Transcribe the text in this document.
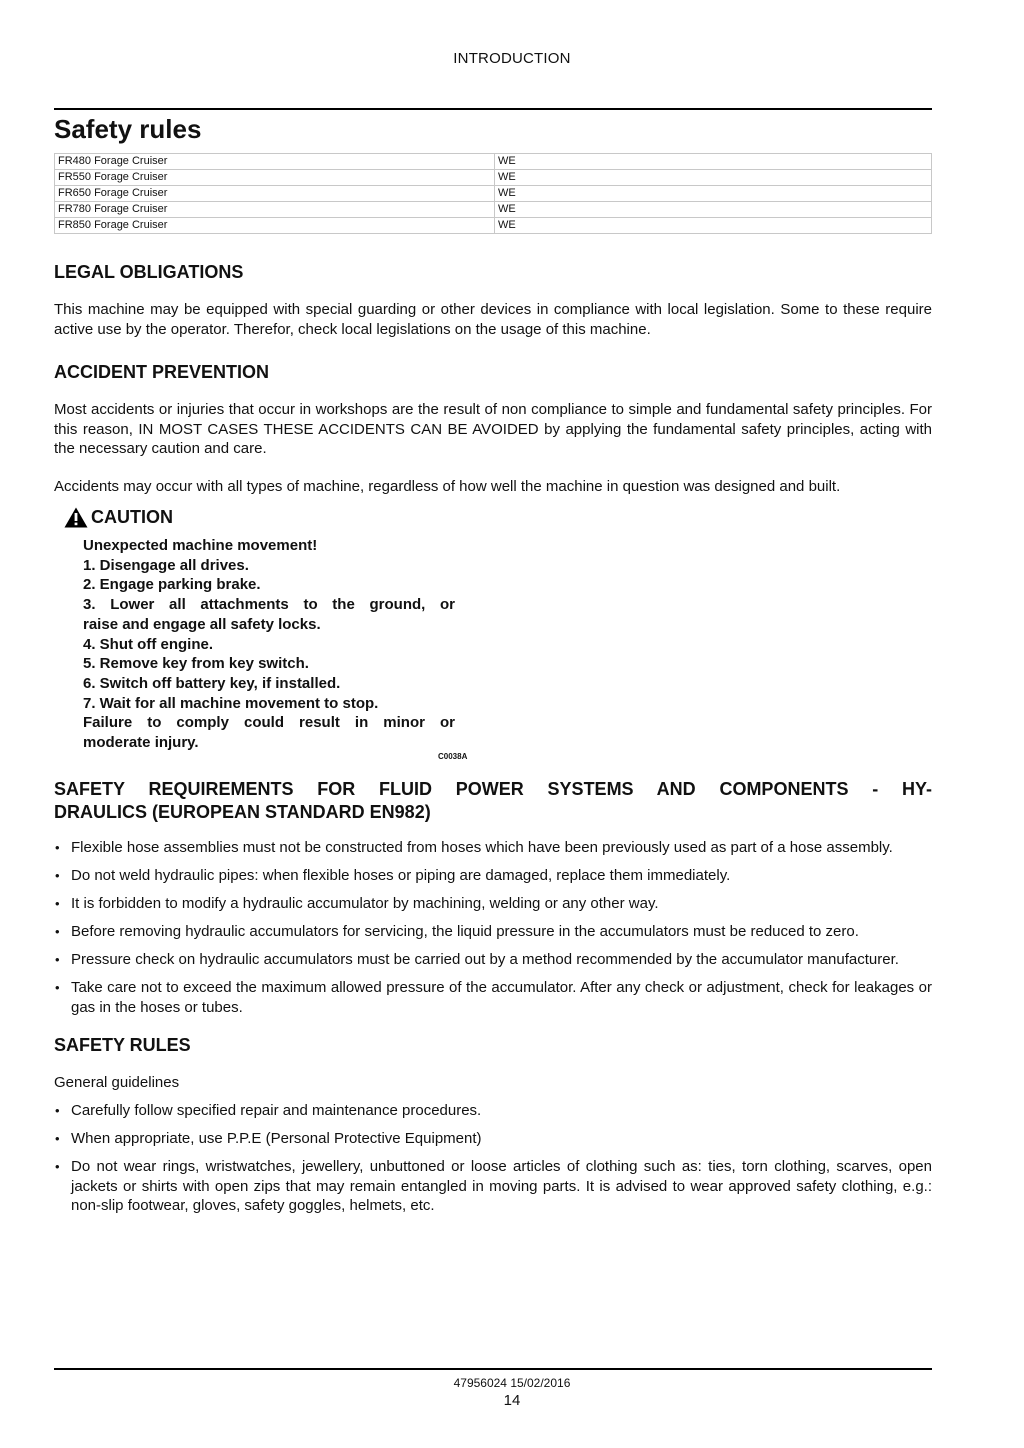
INTRODUCTION
Safety rules
FR480 Forage Cruiser	WE
FR550 Forage Cruiser	WE
FR650 Forage Cruiser	WE
FR780 Forage Cruiser	WE
FR850 Forage Cruiser	WE
LEGAL OBLIGATIONS

This machine may be equipped with special guarding or other devices in compliance with local legislation. Some to these require active use by the operator. Therefor, check local legislations on the usage of this machine.

ACCIDENT PREVENTION

Most accidents or injuries that occur in workshops are the result of non compliance to simple and fundamental safety principles. For this reason, IN MOST CASES THESE ACCIDENTS CAN BE AVOIDED by applying the fundamental safety principles, acting with the necessary caution and care.

Accidents may occur with all types of machine, regardless of how well the machine in question was designed and built.

CAUTION
Unexpected machine movement!
1. Disengage all drives.
2. Engage parking brake.
3. Lower all attachments to the ground, or
raise and engage all safety locks.
4. Shut off engine.
5. Remove key from key switch.
6. Switch off battery key, if installed.
7. Wait for all machine movement to stop.
Failure to comply could result in minor or
moderate injury.
C0038A
SAFETY REQUIREMENTS FOR FLUID POWER SYSTEMS AND COMPONENTS - HY-
DRAULICS (EUROPEAN STANDARD EN982)
• Flexible hose assemblies must not be constructed from hoses which have been previously used as part of a hose assembly.
• Do not weld hydraulic pipes: when flexible hoses or piping are damaged, replace them immediately.
• It is forbidden to modify a hydraulic accumulator by machining, welding or any other way.
• Before removing hydraulic accumulators for servicing, the liquid pressure in the accumulators must be reduced to zero.
• Pressure check on hydraulic accumulators must be carried out by a method recommended by the accumulator manufacturer.
• Take care not to exceed the maximum allowed pressure of the accumulator. After any check or adjustment, check for leakages or gas in the hoses or tubes.
SAFETY RULES

General guidelines

• Carefully follow specified repair and maintenance procedures.
• When appropriate, use P.P.E (Personal Protective Equipment)
• Do not wear rings, wristwatches, jewellery, unbuttoned or loose articles of clothing such as: ties, torn clothing, scarves, open jackets or shirts with open zips that may remain entangled in moving parts. It is advised to wear approved safety clothing, e.g.: non-slip footwear, gloves, safety goggles, helmets, etc.
47956024 15/02/2016
14
